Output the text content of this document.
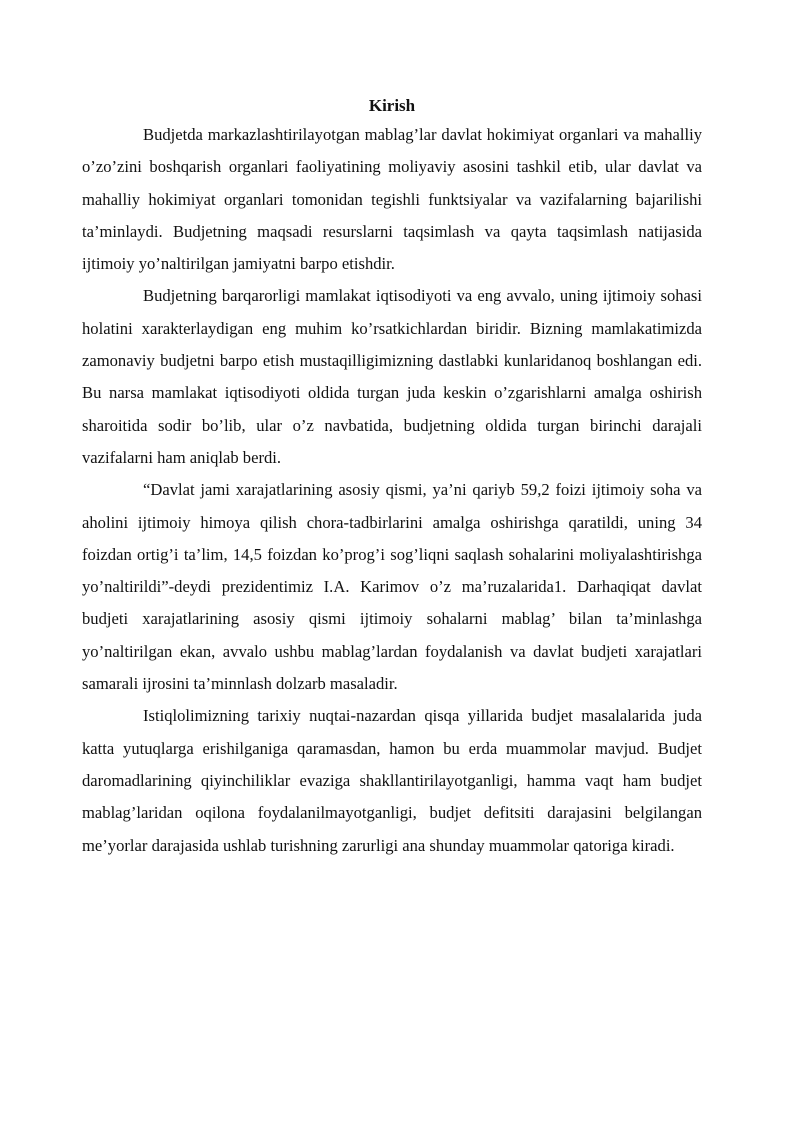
Kirish

Budjetda markazlashtirilayotgan mablag’lar davlat hokimiyat organlari va mahalliy o’zo’zini boshqarish organlari faoliyatining moliyaviy asosini tashkil etib, ular davlat va mahalliy hokimiyat organlari tomonidan tegishli funktsiyalar va vazifalarning bajarilishi ta’minlaydi. Budjetning maqsadi resurslarni taqsimlash va qayta taqsimlash natijasida ijtimoiy yo’naltirilgan jamiyatni barpo etishdir.

Budjetning barqarorligi mamlakat iqtisodiyoti va eng avvalo, uning ijtimoiy sohasi holatini xarakterlaydigan eng muhim ko’rsatkichlardan biridir. Bizning mamlakatimizda zamonaviy budjetni barpo etish mustaqilligimizning dastlabki kunlaridanoq boshlangan edi. Bu narsa mamlakat iqtisodiyoti oldida turgan juda keskin o’zgarishlarni amalga oshirish sharoitida sodir bo’lib, ular o’z navbatida, budjetning oldida turgan birinchi darajali vazifalarni ham aniqlab berdi.

“Davlat jami xarajatlarining asosiy qismi, ya’ni qariyb 59,2 foizi ijtimoiy soha va aholini ijtimoiy himoya qilish chora-tadbirlarini amalga oshirishga qaratildi, uning 34 foizdan ortig’i ta’lim, 14,5 foizdan ko’prog’i sog’liqni saqlash sohalarini moliyalashtirishga yo’naltirildi”-deydi prezidentimiz I.A. Karimov o’z ma’ruzalarida1. Darhaqiqat davlat budjeti xarajatlarining asosiy qismi ijtimoiy sohalarni mablag’ bilan ta’minlashga yo’naltirilgan ekan, avvalo ushbu mablag’lardan foydalanish va davlat budjeti xarajatlari samarali ijrosini ta’minnlash dolzarb masaladir.

Istiqlolimizning tarixiy nuqtai-nazardan qisqa yillarida budjet masalalarida juda katta yutuqlarga erishilganiga qaramasdan, hamon bu erda muammolar mavjud. Budjet daromadlarining qiyinchiliklar evaziga shakllantirilayotganligi, hamma vaqt ham budjet mablag’laridan oqilona foydalanilmayotganligi, budjet defitsiti darajasini belgilangan me’yorlar darajasida ushlab turishning zarurligi ana shunday muammolar qatoriga kiradi.
